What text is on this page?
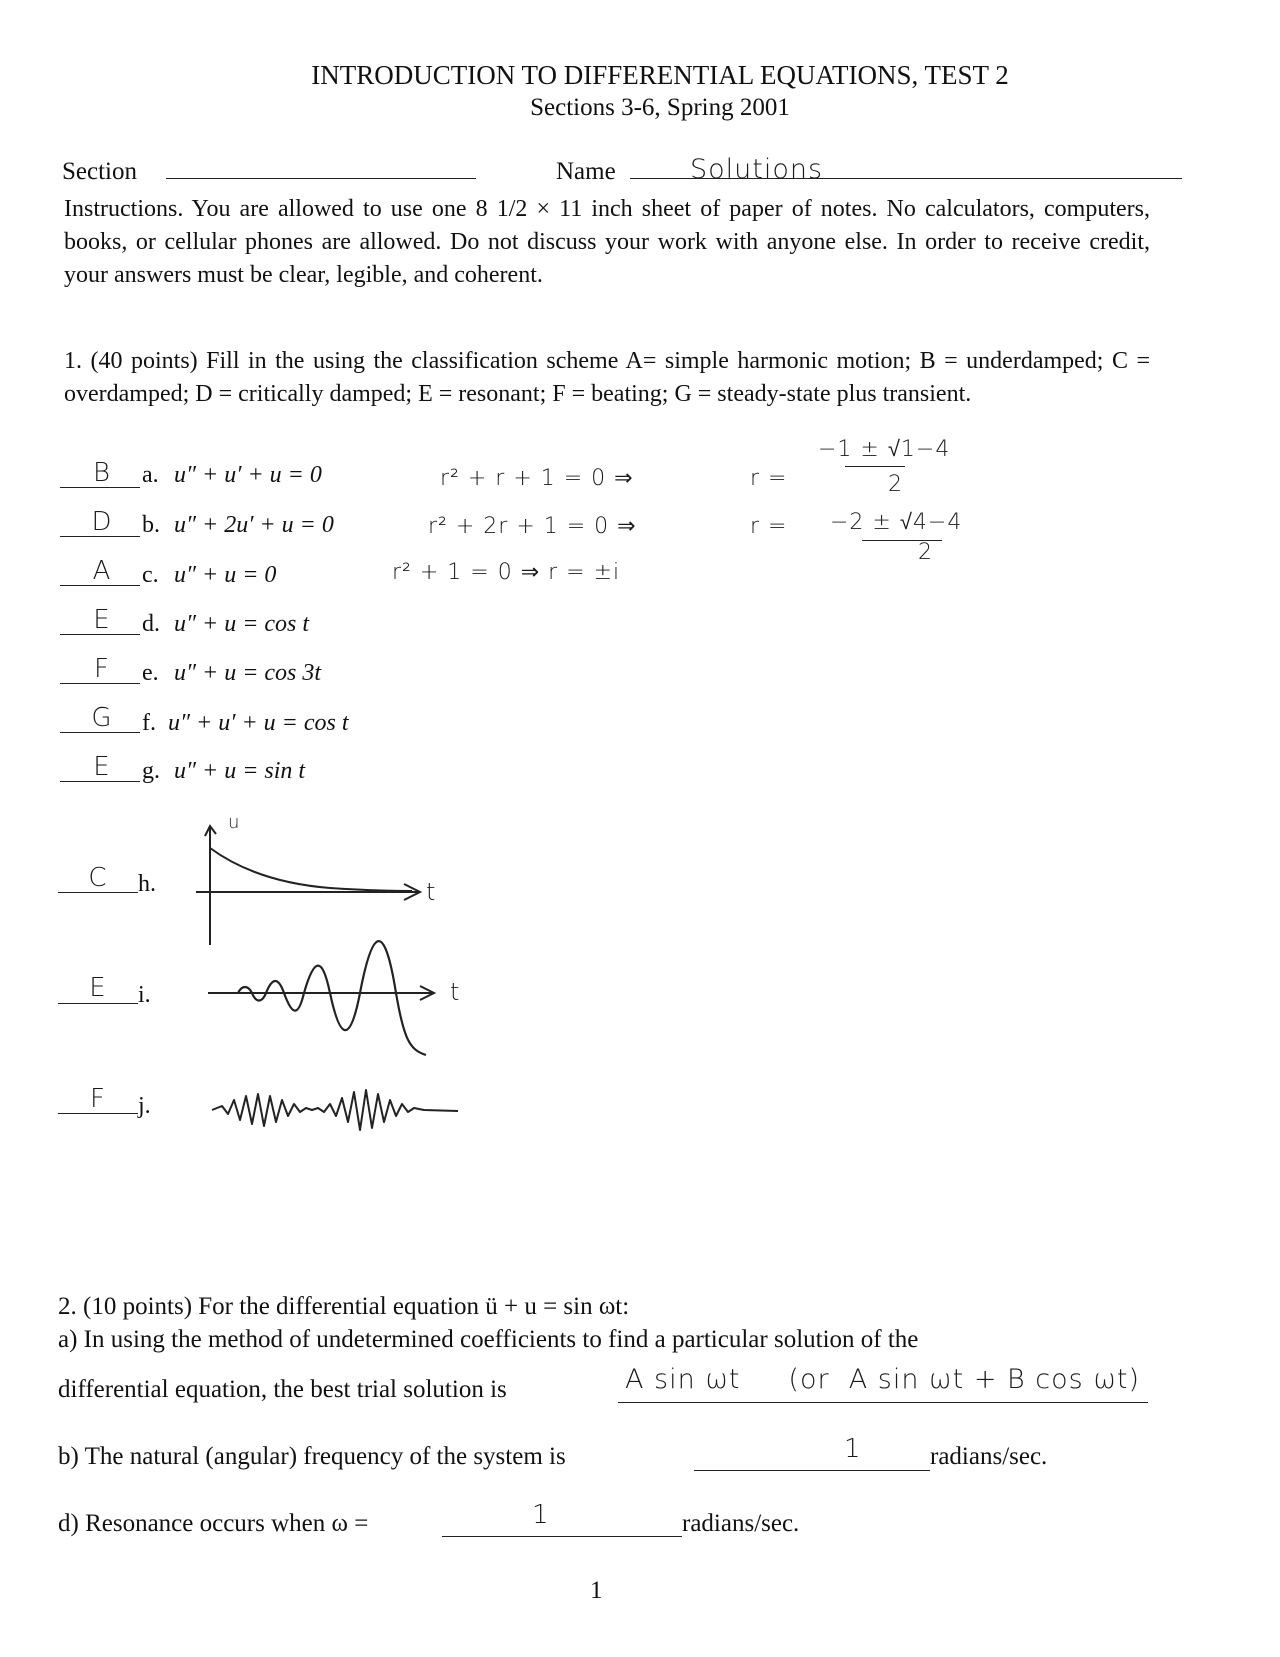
INTRODUCTION TO DIFFERENTIAL EQUATIONS, TEST 2
Sections 3-6, Spring 2001
Section	Name	Solutions
Instructions. You are allowed to use one 8 1/2 × 11 inch sheet of paper of notes. No calculators, computers, books, or cellular phones are allowed. Do not discuss your work with anyone else. In order to receive credit, your answers must be clear, legible, and coherent.
1. (40 points) Fill in the using the classification scheme A= simple harmonic motion; B = underdamped; C = overdamped; D = critically damped; E = resonant; F = beating; G = steady-state plus transient.
B	a. u″ + u′ + u = 0
D	b. u″ + 2u′ + u = 0
A	c. u″ + u = 0
E	d. u″ + u = cos t
F	e. u″ + u = cos 3t
G	f. u″ + u′ + u = cos t
E	g. u″ + u = sin t
C	h.
E	i.
F	j.
r² + r + 1 = 0 ⇒	r =
−1 ± √1−4
2
r² + 2r + 1 = 0 ⇒	r = −2 ± √4−4
2
r² + 1 = 0 ⇒ r = ±i
u
t
t
2. (10 points) For the differential equation ü + u = sin ωt:
a) In using the method of undetermined coefficients to find a particular solution of the
differential equation, the best trial solution is	A sin ωt     (or  A sin ωt + B cos ωt)
b) The natural (angular) frequency of the system is	1	radians/sec.
d) Resonance occurs when ω =	1	radians/sec.
1
